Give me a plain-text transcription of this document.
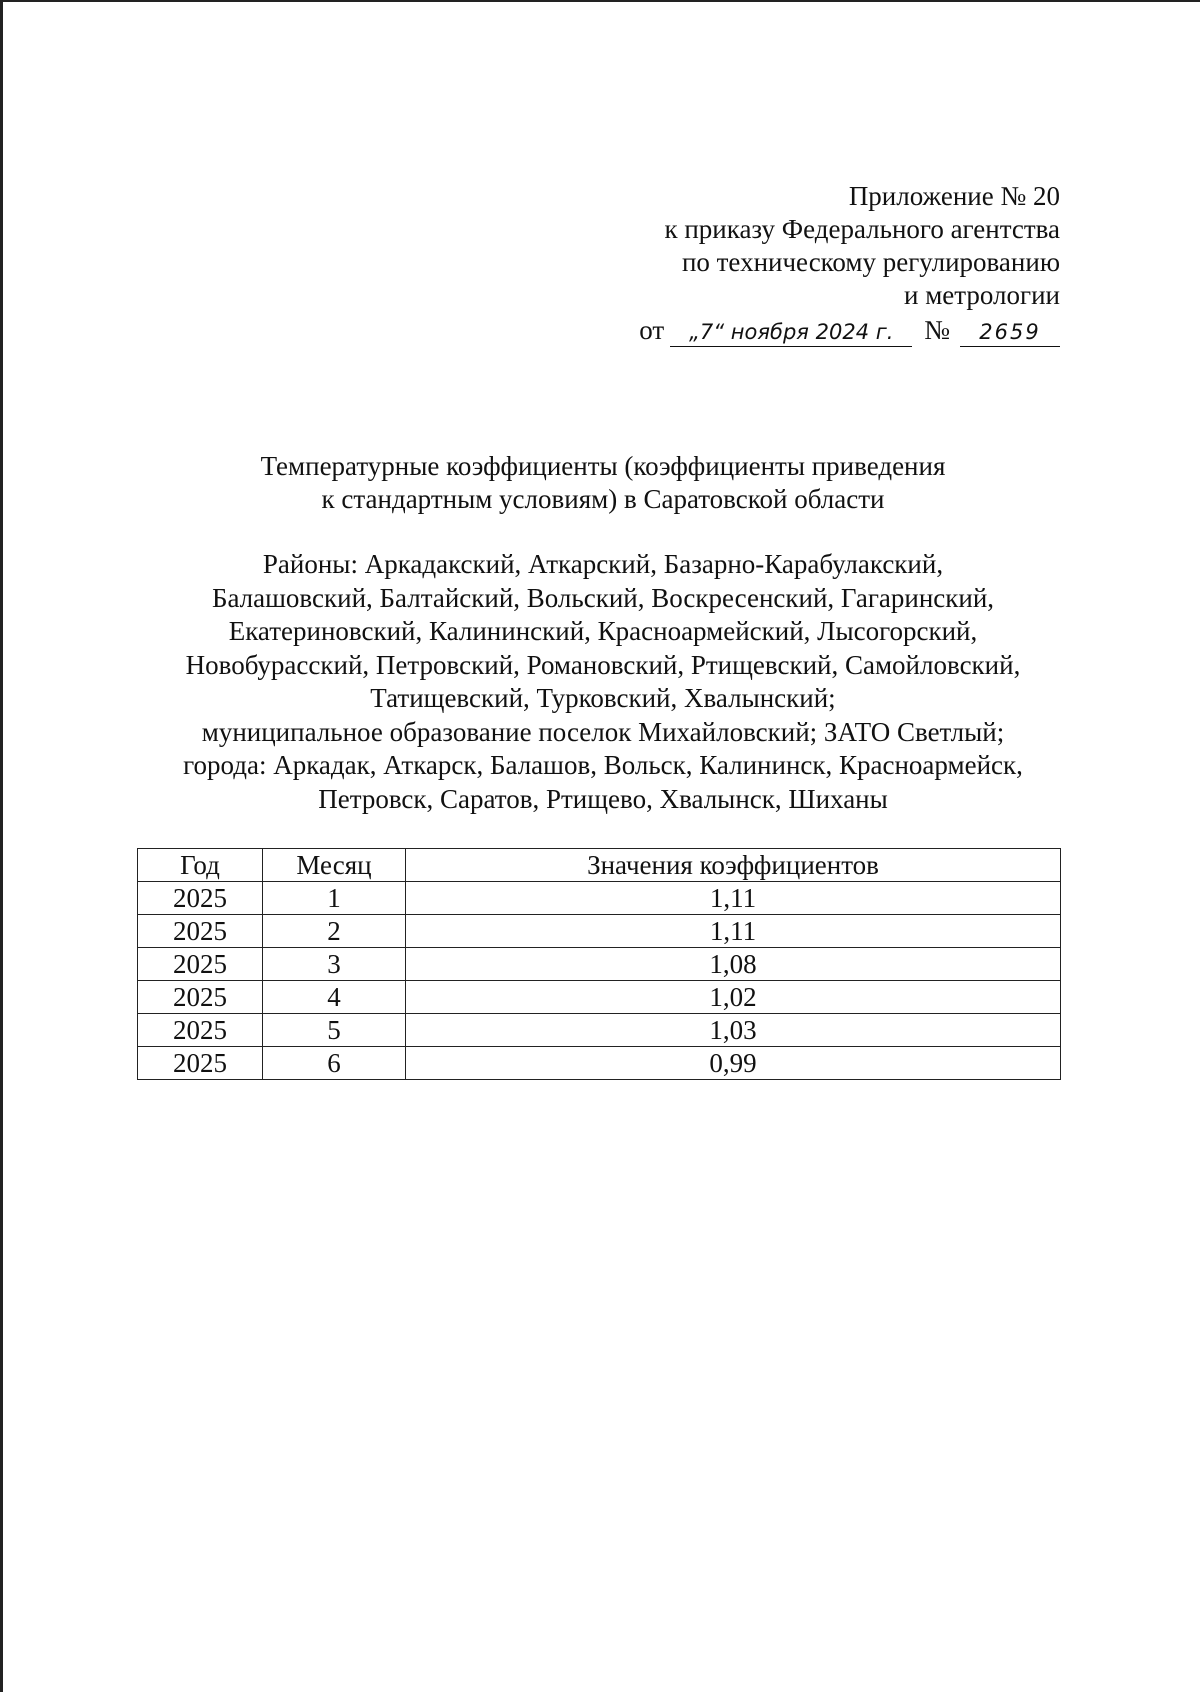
Приложение № 20
к приказу Федерального агентства
по техническому регулированию
и метрологии
от	„7“ ноября 2024 г.	№	2659
Температурные коэффициенты (коэффициенты приведения
к стандартным условиям) в Саратовской области
Районы: Аркадакский, Аткарский, Базарно-Карабулакский,
Балашовский, Балтайский, Вольский, Воскресенский, Гагаринский,
Екатериновский, Калининский, Красноармейский, Лысогорский,
Новобурасский, Петровский, Романовский, Ртищевский, Самойловский,
Татищевский, Турковский, Хвалынский;
муниципальное образование поселок Михайловский; ЗАТО Светлый;
города: Аркадак, Аткарск, Балашов, Вольск, Калининск, Красноармейск,
Петровск, Саратов, Ртищево, Хвалынск, Шиханы
Год	Месяц	Значения коэффициентов
2025	1	1,11
2025	2	1,11
2025	3	1,08
2025	4	1,02
2025	5	1,03
2025	6	0,99
